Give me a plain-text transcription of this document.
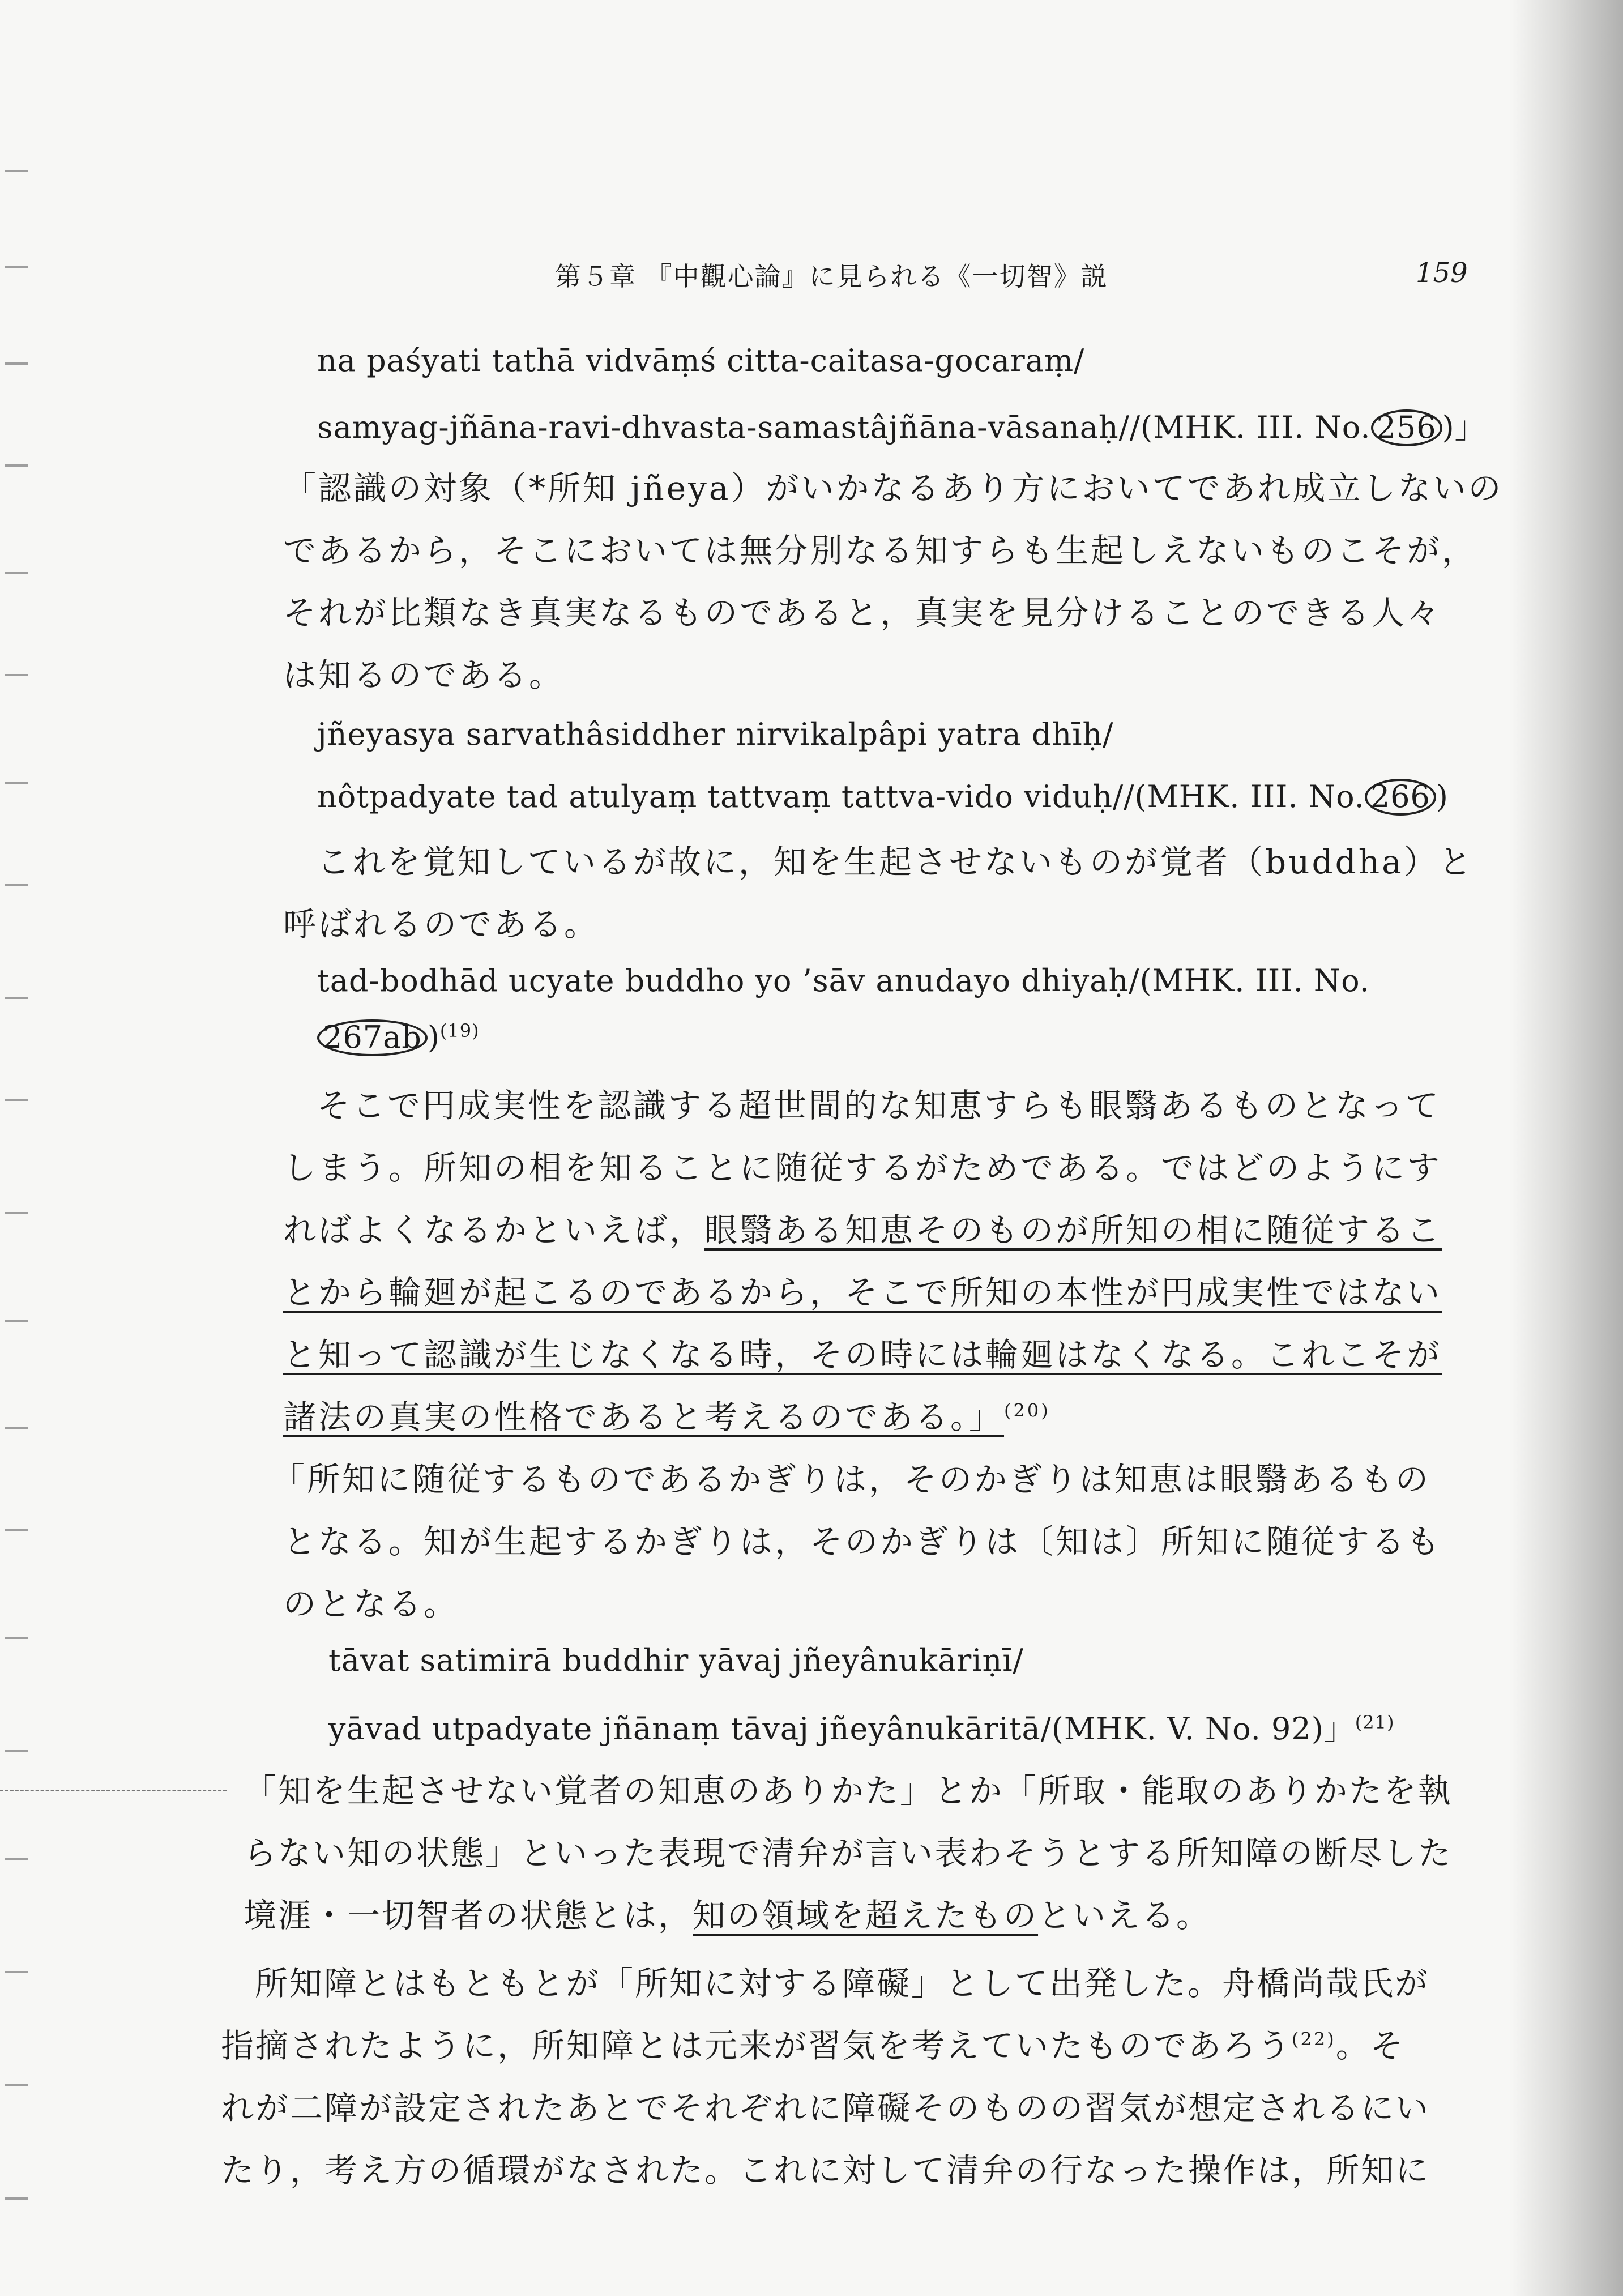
第５章 『中觀心論』に見られる《一切智》説	159
na paśyati tathā vidvāṃś citta-caitasa-gocaraṃ/
samyag-jñāna-ravi-dhvasta-samastâjñāna-vāsanaḥ//(MHK. III. No. 256 )」
「認識の対象（*所知 jñeya）がいかなるあり方においてであれ成立しないの
であるから，そこにおいては無分別なる知すらも生起しえないものこそが，
それが比類なき真実なるものであると，真実を見分けることのできる人々
は知るのである。
jñeyasya sarvathâsiddher nirvikalpâpi yatra dhīḥ/
nôtpadyate tad atulyaṃ tattvaṃ tattva-vido viduḥ//(MHK. III. No. 266 )
これを覚知しているが故に，知を生起させないものが覚者（buddha）と
呼ばれるのである。
tad-bodhād ucyate buddho yo ’sāv anudayo dhiyaḥ/(MHK. III. No.
267ab )$^{(19)}$
そこで円成実性を認識する超世間的な知恵すらも眼翳あるものとなって
しまう。所知の相を知ることに随従するがためである。ではどのようにす
ればよくなるかといえば，眼翳ある知恵そのものが所知の相に随従するこ
とから輪廻が起こるのであるから，そこで所知の本性が円成実性ではない
と知って認識が生じなくなる時，その時には輪廻はなくなる。これこそが
諸法の真実の性格であると考えるのである。」$^{(20)}$
「所知に随従するものであるかぎりは，そのかぎりは知恵は眼翳あるもの
となる。知が生起するかぎりは，そのかぎりは〔知は〕所知に随従するも
のとなる。
tāvat satimirā buddhir yāvaj jñeyânukāriṇī/
yāvad utpadyate jñānaṃ tāvaj jñeyânukāritā/(MHK. V. No. 92)」$^{(21)}$
「知を生起させない覚者の知恵のありかた」とか「所取・能取のありかたを執
らない知の状態」といった表現で清弁が言い表わそうとする所知障の断尽した
境涯・一切智者の状態とは，知の領域を超えたものといえる。
所知障とはもともとが「所知に対する障礙」として出発した。舟橋尚哉氏が
指摘されたように，所知障とは元来が習気を考えていたものであろう$^{(22)}$。そ
れが二障が設定されたあとでそれぞれに障礙そのものの習気が想定されるにい
たり，考え方の循環がなされた。これに対して清弁の行なった操作は，所知に
